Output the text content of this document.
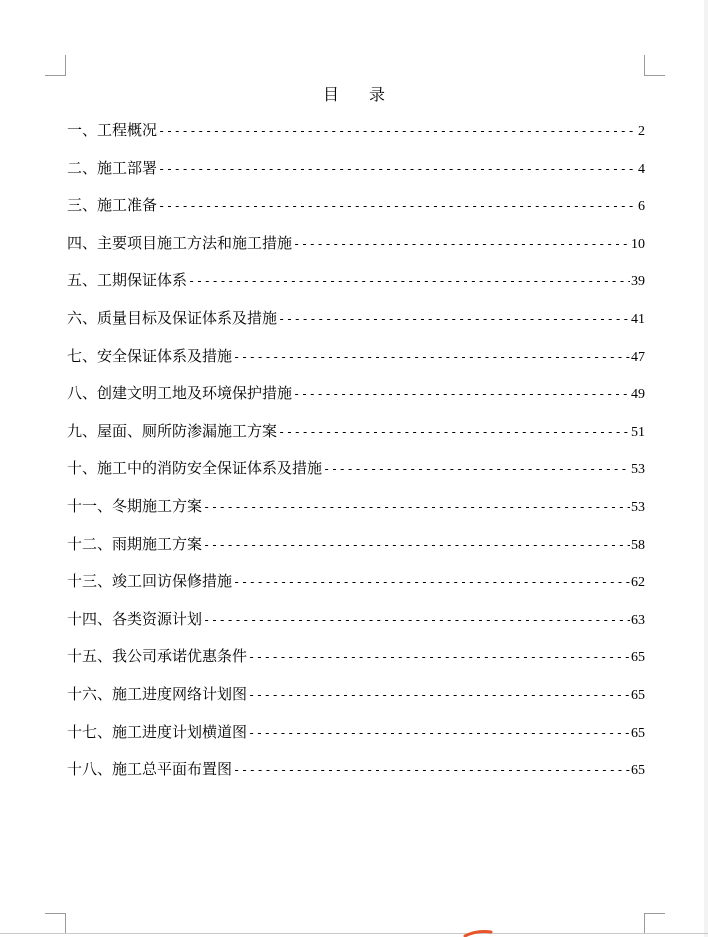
目 录
一、工程概况 -----	2
二、施工部署 -----	4
三、施工准备 -----	6
四、主要项目施工方法和施工措施 -----	10
五、工期保证体系 -----	39
六、质量目标及保证体系及措施 -----	41
七、安全保证体系及措施 -----	47
八、创建文明工地及环境保护措施 -----	49
九、屋面、厕所防渗漏施工方案 -----	51
十、施工中的消防安全保证体系及措施 -----	53
十一、冬期施工方案 -----	53
十二、雨期施工方案 -----	58
十三、竣工回访保修措施 -----	62
十四、各类资源计划 -----	63
十五、我公司承诺优惠条件 -----	65
十六、施工进度网络计划图 -----	65
十七、施工进度计划横道图 -----	65
十八、施工总平面布置图 -----	65
